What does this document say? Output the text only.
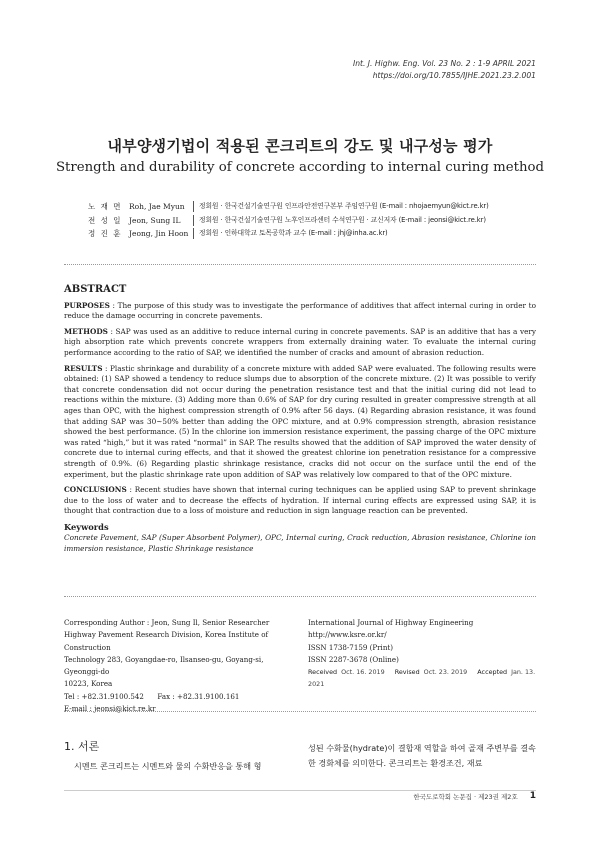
Int. J. Highw. Eng. Vol. 23 No. 2 : 1-9 APRIL 2021
https://doi.org/10.7855/IJHE.2021.23.2.001
내부양생기법이 적용된 콘크리트의 강도 및 내구성능 평가
Strength and durability of concrete according to internal curing method
노 재 면 Roh, Jae Myun	정회원 · 한국건설기술연구원 인프라안전연구본부 주임연구원 (E-mail : nhojaemyun@kict.re.kr)
전 성 일 Jeon, Sung IL	정회원 · 한국건설기술연구원 노후인프라센터 수석연구원 · 교신저자 (E-mail : jeonsi@kict.re.kr)
정 진 훈 Jeong, Jin Hoon	정회원 · 인하대학교 토목공학과 교수 (E-mail : jhj@inha.ac.kr)
ABSTRACT

PURPOSES : The purpose of this study was to investigate the performance of additives that affect internal curing in order to reduce the damage occurring in concrete pavements.

METHODS : SAP was used as an additive to reduce internal curing in concrete pavements. SAP is an additive that has a very high absorption rate which prevents concrete wrappers from externally draining water. To evaluate the internal curing performance according to the ratio of SAP, we identified the number of cracks and amount of abrasion reduction.

RESULTS : Plastic shrinkage and durability of a concrete mixture with added SAP were evaluated. The following results were obtained: (1) SAP showed a tendency to reduce slumps due to absorption of the concrete mixture. (2) It was possible to verify that concrete condensation did not occur during the penetration resistance test and that the initial curing did not lead to reactions within the mixture. (3) Adding more than 0.6% of SAP for dry curing resulted in greater compressive strength at all ages than OPC, with the highest compression strength of 0.9% after 56 days. (4) Regarding abrasion resistance, it was found that adding SAP was 30~50% better than adding the OPC mixture, and at 0.9% compression strength, abrasion resistance showed the best performance. (5) In the chlorine ion immersion resistance experiment, the passing charge of the OPC mixture was rated “high,” but it was rated “normal” in SAP. The results showed that the addition of SAP improved the water density of concrete due to internal curing effects, and that it showed the greatest chlorine ion penetration resistance for a compressive strength of 0.9%. (6) Regarding plastic shrinkage resistance, cracks did not occur on the surface until the end of the experiment, but the plastic shrinkage rate upon addition of SAP was relatively low compared to that of the OPC mixture.

CONCLUSIONS : Recent studies have shown that internal curing techniques can be applied using SAP to prevent shrinkage due to the loss of water and to decrease the effects of hydration. If internal curing effects are expressed using SAP, it is thought that contraction due to a loss of moisture and reduction in sign language reaction can be prevented.

Keywords
Concrete Pavement, SAP (Super Absorbent Polymer), OPC, Internal curing, Crack reduction, Abrasion resistance, Chlorine ion immersion resistance, Plastic Shrinkage resistance
Corresponding Author : Jeon, Sung Il, Senior Researcher
Highway Pavement Research Division, Korea Institute of Construction
Technology 283, Goyangdae-ro, Ilsanseo-gu, Goyang-si, Gyeonggi-do
10223, Korea
Tel : +82.31.9100.542      Fax : +82.31.9100.161
E-mail : jeonsi@kict.re.kr
International Journal of Highway Engineering
http://www.ksre.or.kr/
ISSN 1738-7159 (Print)
ISSN 2287-3678 (Online)
Received Oct. 16. 2019 Revised Oct. 23. 2019 Accepted Jan. 13. 2021
1. 서론
시멘트 콘크리트는 시멘트와 물의 수화반응을 통해 형
성된 수화물(hydrate)이 결합재 역할을 하여 골재 주변부를 결속한 경화체를 의미한다. 콘크리트는 환경조건, 재료
한국도로학회 논문집 · 제23권 제2호 1
